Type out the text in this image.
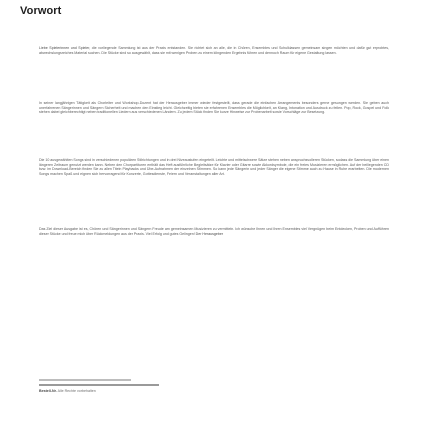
Vorwort

Liebe Spielerinnen und Spieler, die vorliegende Sammlung ist aus der Praxis entstanden. Sie richtet sich an alle, die in Chören, Ensembles und Schulklassen gemeinsam singen möchten und dafür gut erprobtes, abwechslungsreiches Material suchen. Die Stücke sind so ausgewählt, dass sie mit wenigen Proben zu einem klingenden Ergebnis führen und dennoch Raum für eigene Gestaltung lassen.

In seiner langjährigen Tätigkeit als Chorleiter und Workshop-Dozent hat der Herausgeber immer wieder festgestellt, dass gerade die einfachen Arrangements besonders gerne gesungen werden. Sie geben auch unerfahrenen Sängerinnen und Sängern Sicherheit und machen den Einstieg leicht. Gleichzeitig bieten sie erfahrenen Ensembles die Möglichkeit, an Klang, Intonation und Ausdruck zu feilen. Pop, Rock, Gospel und Folk stehen dabei gleichberechtigt neben traditionellen Liedern aus verschiedenen Ländern. Zu jedem Stück finden Sie kurze Hinweise zur Probenarbeit sowie Vorschläge zur Besetzung.

Die 10 ausgewählten Songs sind in verschiedenen populären Stilrichtungen und in drei Niveaustufen eingeteilt. Leichte und mittelschwere Sätze stehen neben anspruchsvolleren Stücken, sodass die Sammlung über einen längeren Zeitraum genutzt werden kann. Neben den Chorpartituren enthält das Heft ausführliche Begleitsätze für Klavier oder Gitarre sowie Akkordsymbole, die ein freies Musizieren ermöglichen. Auf der beiliegenden CD bzw. im Download-Bereich finden Sie zu allen Titeln Playbacks und Übe-Aufnahmen der einzelnen Stimmen. So kann jede Sängerin und jeder Sänger die eigene Stimme auch zu Hause in Ruhe erarbeiten. Die modernen Songs machen Spaß und eignen sich hervorragend für Konzerte, Gottesdienste, Feiern und Veranstaltungen aller Art.

Das Ziel dieser Ausgabe ist es, Chören und Sängerinnen und Sängern Freude am gemeinsamen Musizieren zu vermitteln. Ich wünsche Ihnen und Ihren Ensembles viel Vergnügen beim Entdecken, Proben und Aufführen dieser Stücke und freue mich über Rückmeldungen aus der Praxis. Viel Erfolg und gutes Gelingen! Der Herausgeber

Bestell-Nr. Alle Rechte vorbehalten
